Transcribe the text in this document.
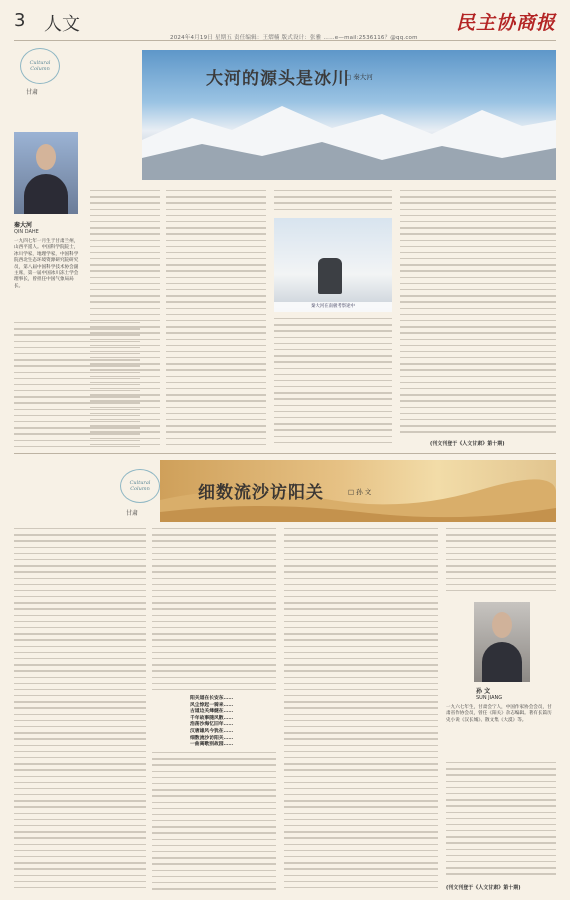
3 人文
2024年4月19日 星期五 责任编辑：王熠楠 版式设计：张雅 ……e—mail:2536116？@qq.com
民主协商报
Cultural Column
甘肃
秦大河
QIN DAHE
一九四七年一月生于甘肃兰州，山西平遥人。中国科学院院士，冰川学家，地理学家，中国科学院西北生态环境资源研究院研究员，第八届中国科学技术协会副主席，第一届中国冰川冻土学会理事长，曾担任中国气象局局长。
大河的源头是冰川
□ 秦大河
秦大河在南极考察途中
(刊文刊登于《人文甘肃》第十期)
Cultural Column
甘肃
细数流沙访阳关	□ 孙 文
阳关道在长安东……
风尘惊起一骑来……
古道边关烽燧在……
千年故事随风散……
浩荡沙海忆旧年……
汉唐雄风今犹在……
细数流沙访阳关……
一曲离歌别故园……
孙 文
SUN JIANG
一九六七年生，甘肃会宁人，中国作家协会会员，甘肃省作协会员，曾任《阳关》杂志编辑。著有长篇历史小说《汉长城》、散文集《大漠》等。
(刊文刊登于《人文甘肃》第十期)
